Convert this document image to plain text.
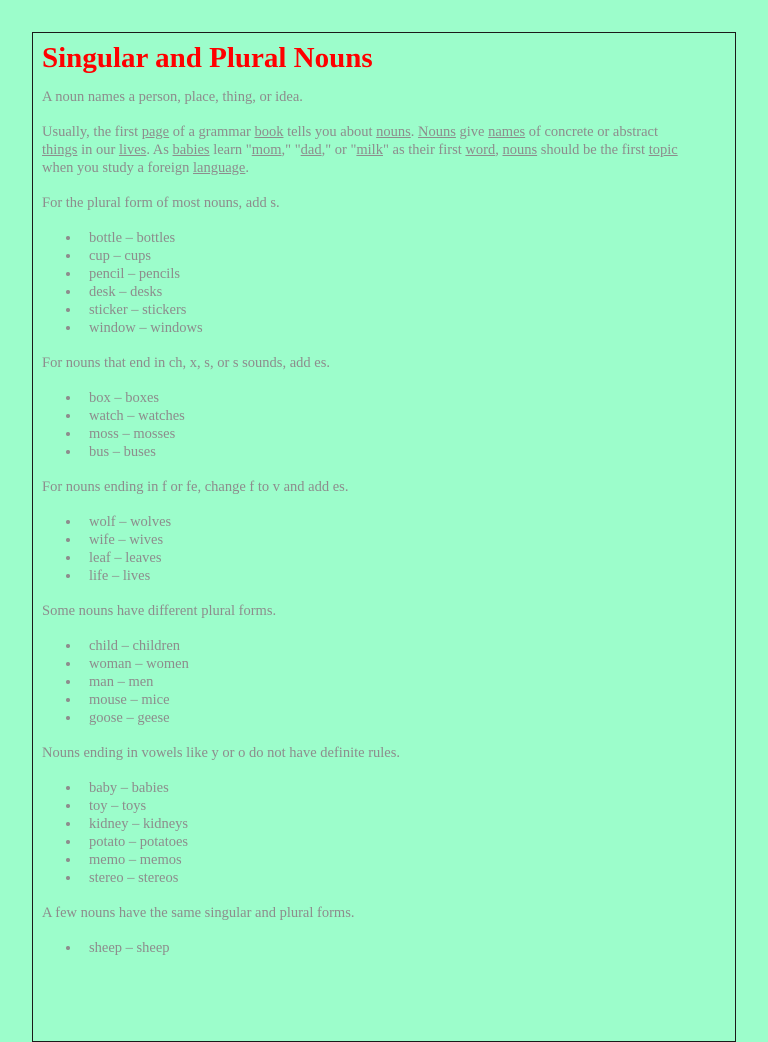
Singular and Plural Nouns

A noun names a person, place, thing, or idea.

Usually, the first page of a grammar book tells you about nouns. Nouns give names of concrete or abstract things in our lives. As babies learn "mom," "dad," or "milk" as their first word, nouns should be the first topic when you study a foreign language.

For the plural form of most nouns, add s.

bottle – bottles
cup – cups
pencil – pencils
desk – desks
sticker – stickers
window – windows

For nouns that end in ch, x, s, or s sounds, add es.

box – boxes
watch – watches
moss – mosses
bus – buses

For nouns ending in f or fe, change f to v and add es.

wolf – wolves
wife – wives
leaf – leaves
life – lives

Some nouns have different plural forms.

child – children
woman – women
man – men
mouse – mice
goose – geese

Nouns ending in vowels like y or o do not have definite rules.

baby – babies
toy – toys
kidney – kidneys
potato – potatoes
memo – memos
stereo – stereos

A few nouns have the same singular and plural forms.

sheep – sheep
